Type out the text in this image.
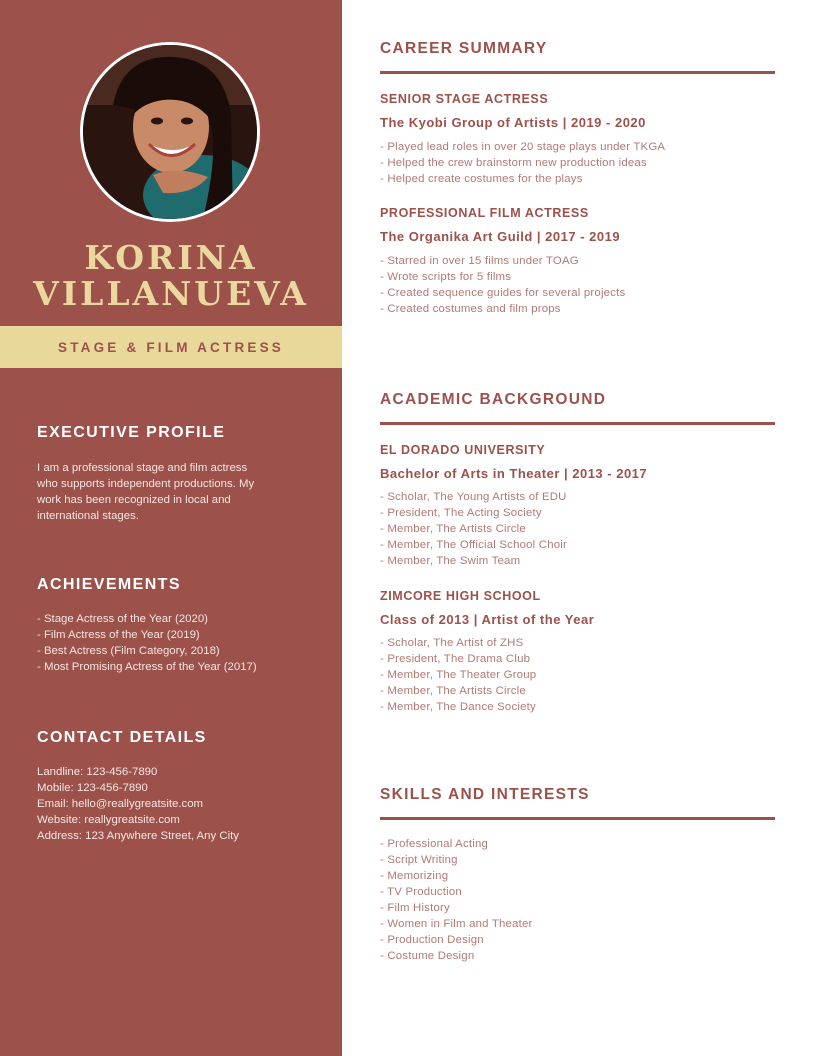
KORINA
VILLANUEVA
STAGE & FILM ACTRESS
EXECUTIVE PROFILE
I am a professional stage and film actress
who supports independent productions. My
work has been recognized in local and
international stages.
ACHIEVEMENTS
- Stage Actress of the Year (2020)
- Film Actress of the Year (2019)
- Best Actress (Film Category, 2018)
- Most Promising Actress of the Year (2017)
CONTACT DETAILS
Landline: 123-456-7890
Mobile: 123-456-7890
Email: hello@reallygreatsite.com
Website: reallygreatsite.com
Address: 123 Anywhere Street, Any City
CAREER SUMMARY
SENIOR STAGE ACTRESS
The Kyobi Group of Artists | 2019 - 2020
- Played lead roles in over 20 stage plays under TKGA
- Helped the crew brainstorm new production ideas
- Helped create costumes for the plays
PROFESSIONAL FILM ACTRESS
The Organika Art Guild | 2017 - 2019
- Starred in over 15 films under TOAG
- Wrote scripts for 5 films
- Created sequence guides for several projects
- Created costumes and film props
ACADEMIC BACKGROUND
EL DORADO UNIVERSITY
Bachelor of Arts in Theater | 2013 - 2017
- Scholar, The Young Artists of EDU
- President, The Acting Society
- Member, The Artists Circle
- Member, The Official School Choir
- Member, The Swim Team
ZIMCORE HIGH SCHOOL
Class of 2013 | Artist of the Year
- Scholar, The Artist of ZHS
- President, The Drama Club
- Member, The Theater Group
- Member, The Artists Circle
- Member, The Dance Society
SKILLS AND INTERESTS
- Professional Acting
- Script Writing
- Memorizing
- TV Production
- Film History
- Women in Film and Theater
- Production Design
- Costume Design
